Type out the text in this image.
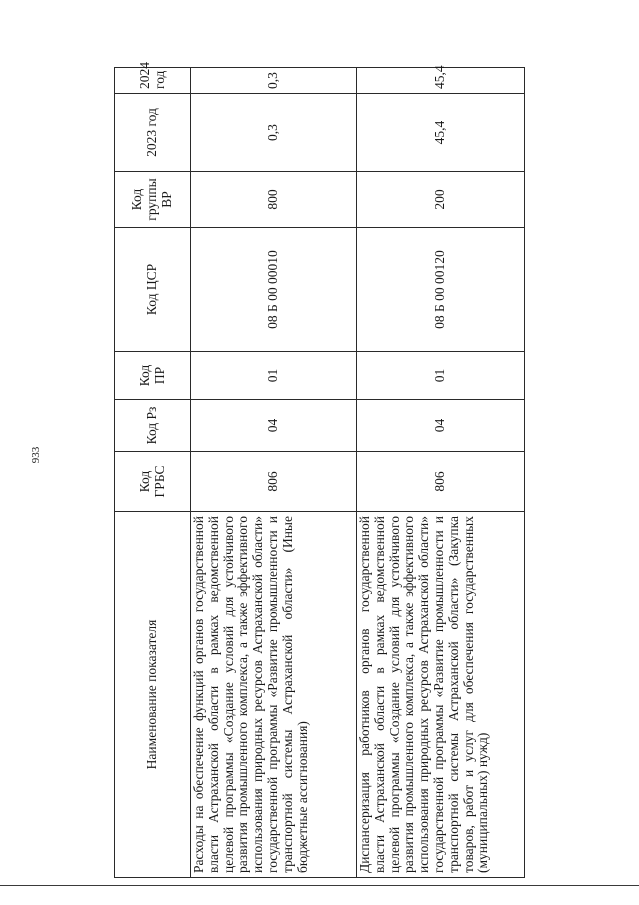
933
Наименование показателя	Код ГРБС	Код Рз	Код ПР	Код ЦСР	Код группы ВР	2023 год	2024 год
Расходы на обеспечение функций органов государственной власти Астраханской области в рамках ведомственной целевой программы «Создание условий для устойчивого развития промышленного комплекса, а также эффективного использования природных ресурсов Астраханской области» государственной программы «Развитие промышленности и транспортной системы Астраханской области» (Иные бюджетные ассигнования)	806	04	01	08 Б 00 00010	800	0,3	0,3
Диспансеризация работников органов государственной власти Астраханской области в рамках ведомственной целевой программы «Создание условий для устойчивого развития промышленного комплекса, а также эффективного использования природных ресурсов Астраханской области» государственной программы «Развитие промышленности и транспортной системы Астраханской области» (Закупка товаров, работ и услуг для обеспечения государственных (муниципальных) нужд)	806	04	01	08 Б 00 00120	200	45,4	45,4
